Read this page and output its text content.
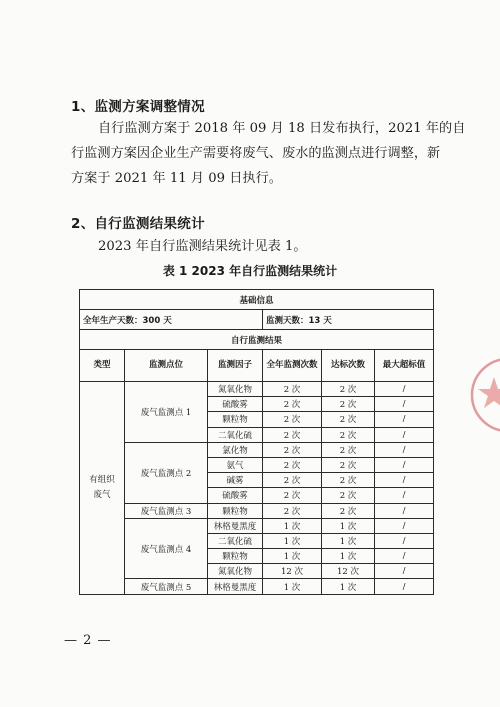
1、监测方案调整情况
自行监测方案于 2018 年 09 月 18 日发布执行，2021 年的自
行监测方案因企业生产需要将废气、废水的监测点进行调整，新
方案于 2021 年 11 月 09 日执行。
2、自行监测结果统计
2023 年自行监测结果统计见表 1。
表 1 2023 年自行监测结果统计
基础信息					
全年生产天数：300 天			监测天数：13 天		
自行监测结果					
类型	监测点位	监测因子	全年监测次数	达标次数	最大超标值
有组织废气	废气监测点 1	氮氧化物	2 次	2 次	/
		硫酸雾	2 次	2 次	/
		颗粒物	2 次	2 次	/
		二氧化硫	2 次	2 次	/
	废气监测点 2	氯化物	2 次	2 次	/
		氨气	2 次	2 次	/
		碱雾	2 次	2 次	/
		硫酸雾	2 次	2 次	/
	废气监测点 3	颗粒物	2 次	2 次	/
	废气监测点 4	林格曼黑度	1 次	1 次	/
		二氧化硫	1 次	1 次	/
		颗粒物	1 次	1 次	/
		氮氧化物	12 次	12 次	/
	废气监测点 5	林格曼黑度	1 次	1 次	/
— 2 —
